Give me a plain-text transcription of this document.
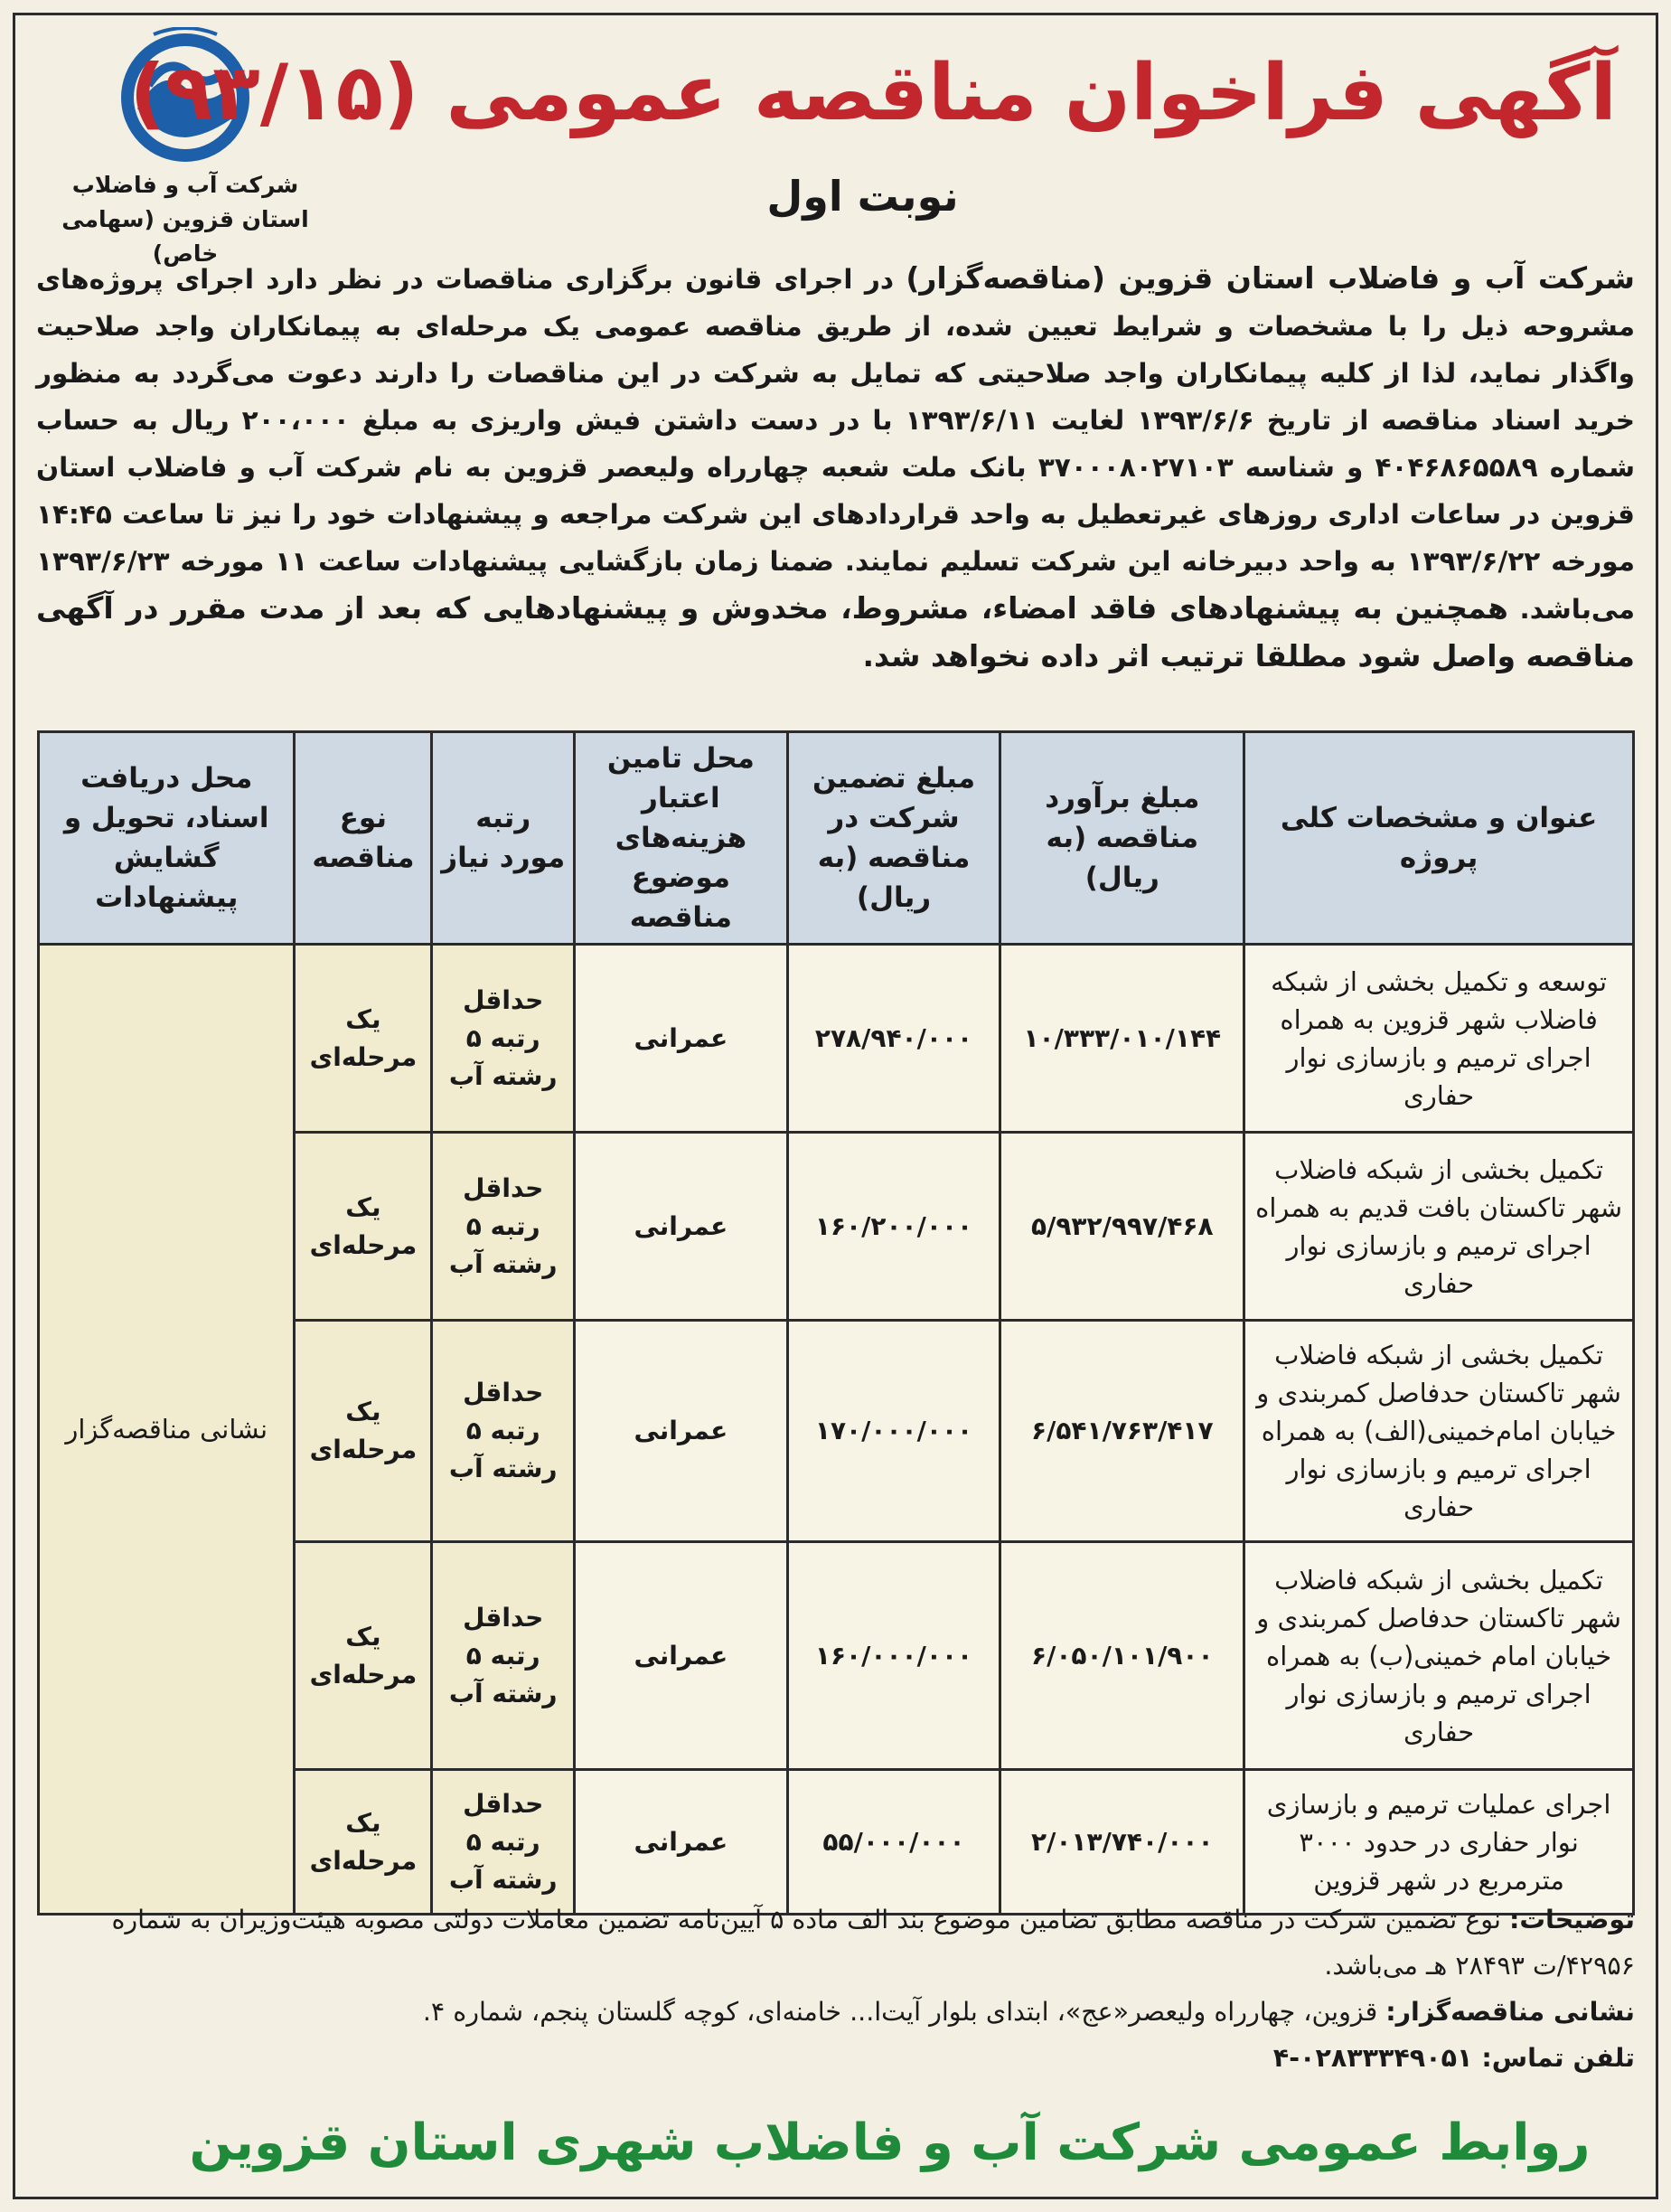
شرکت آب و فاضلاب
استان قزوین (سهامی خاص)
آگهی فراخوان مناقصه عمومی (۹۳/۱۵)
نوبت اول
شرکت آب و فاضلاب استان قزوین (مناقصه‌گزار) در اجرای قانون برگزاری مناقصات در نظر دارد اجرای پروژه‌های مشروحه ذیل را با مشخصات و شرایط تعیین شده، از طریق مناقصه عمومی یک مرحله‌ای به پیمانکاران واجد صلاحیت واگذار نماید، لذا از کلیه پیمانکاران واجد صلاحیتی که تمایل به شرکت در این مناقصات را دارند دعوت می‌گردد به منظور خرید اسناد مناقصه از تاریخ ۱۳۹۳/۶/۶ لغایت ۱۳۹۳/۶/۱۱ با در دست داشتن فیش واریزی به مبلغ ۲۰۰،۰۰۰ ریال به حساب شماره ۴۰۴۶۸۶۵۵۸۹ و شناسه ۳۷۰۰۰۸۰۲۷۱۰۳ بانک ملت شعبه چهارراه ولیعصر قزوین به نام شرکت آب و فاضلاب استان قزوین در ساعات اداری روزهای غیرتعطیل به واحد قراردادهای این شرکت مراجعه و پیشنهادات خود را نیز تا ساعت ۱۴:۴۵ مورخه ۱۳۹۳/۶/۲۲ به واحد دبیرخانه این شرکت تسلیم نمایند. ضمنا زمان بازگشایی پیشنهادات ساعت ۱۱ مورخه ۱۳۹۳/۶/۲۳ می‌باشد. همچنین به پیشنهادهای فاقد امضاء، مشروط، مخدوش و پیشنهادهایی که بعد از مدت مقرر در آگهی مناقصه واصل شود مطلقا ترتیب اثر داده نخواهد شد.
عنوان و مشخصات کلی پروژه	مبلغ برآورد مناقصه (به ریال)	مبلغ تضمین شرکت در مناقصه (به ریال)	محل تامین اعتبار هزینه‌های موضوع مناقصه	رتبه مورد نیاز	نوع مناقصه	محل دریافت اسناد، تحویل و گشایش پیشنهادات
توسعه و تکمیل بخشی از شبکه فاضلاب شهر قزوین به همراه اجرای ترمیم و بازسازی نوار حفاری	۱۰/۳۳۳/۰۱۰/۱۴۴	۲۷۸/۹۴۰/۰۰۰	عمرانی	حداقل رتبه ۵ رشته آب	یک مرحله‌ای	نشانی مناقصه‌گزار
تکمیل بخشی از شبکه فاضلاب شهر تاکستان بافت قدیم به همراه اجرای ترمیم و بازسازی نوار حفاری	۵/۹۳۲/۹۹۷/۴۶۸	۱۶۰/۲۰۰/۰۰۰	عمرانی	حداقل رتبه ۵ رشته آب	یک مرحله‌ای	
تکمیل بخشی از شبکه فاضلاب شهر تاکستان حدفاصل کمربندی و خیابان امام‌خمینی(الف) به همراه اجرای ترمیم و بازسازی نوار حفاری	۶/۵۴۱/۷۶۳/۴۱۷	۱۷۰/۰۰۰/۰۰۰	عمرانی	حداقل رتبه ۵ رشته آب	یک مرحله‌ای	
تکمیل بخشی از شبکه فاضلاب شهر تاکستان حدفاصل کمربندی و خیابان امام خمینی(ب) به همراه اجرای ترمیم و بازسازی نوار حفاری	۶/۰۵۰/۱۰۱/۹۰۰	۱۶۰/۰۰۰/۰۰۰	عمرانی	حداقل رتبه ۵ رشته آب	یک مرحله‌ای	
اجرای عملیات ترمیم و بازسازی نوار حفاری در حدود ۳۰۰۰ مترمربع در شهر قزوین	۲/۰۱۳/۷۴۰/۰۰۰	۵۵/۰۰۰/۰۰۰	عمرانی	حداقل رتبه ۵ رشته آب	یک مرحله‌ای	
توضیحات: نوع تضمین شرکت در مناقصه مطابق تضامین موضوع بند الف ماده ۵ آیین‌نامه تضمین معاملات دولتی مصوبه هیئت‌وزیران به شماره ۴۲۹۵۶/ت ۲۸۴۹۳ هـ می‌باشد.
نشانی مناقصه‌گزار: قزوین، چهارراه ولیعصر«عج»، ابتدای بلوار آیت‌ا... خامنه‌ای، کوچه گلستان پنجم، شماره ۴.
تلفن تماس: ۰۲۸۳۳۳۴۹۰۵۱-۴
روابط عمومی شرکت آب و فاضلاب شهری استان قزوین
